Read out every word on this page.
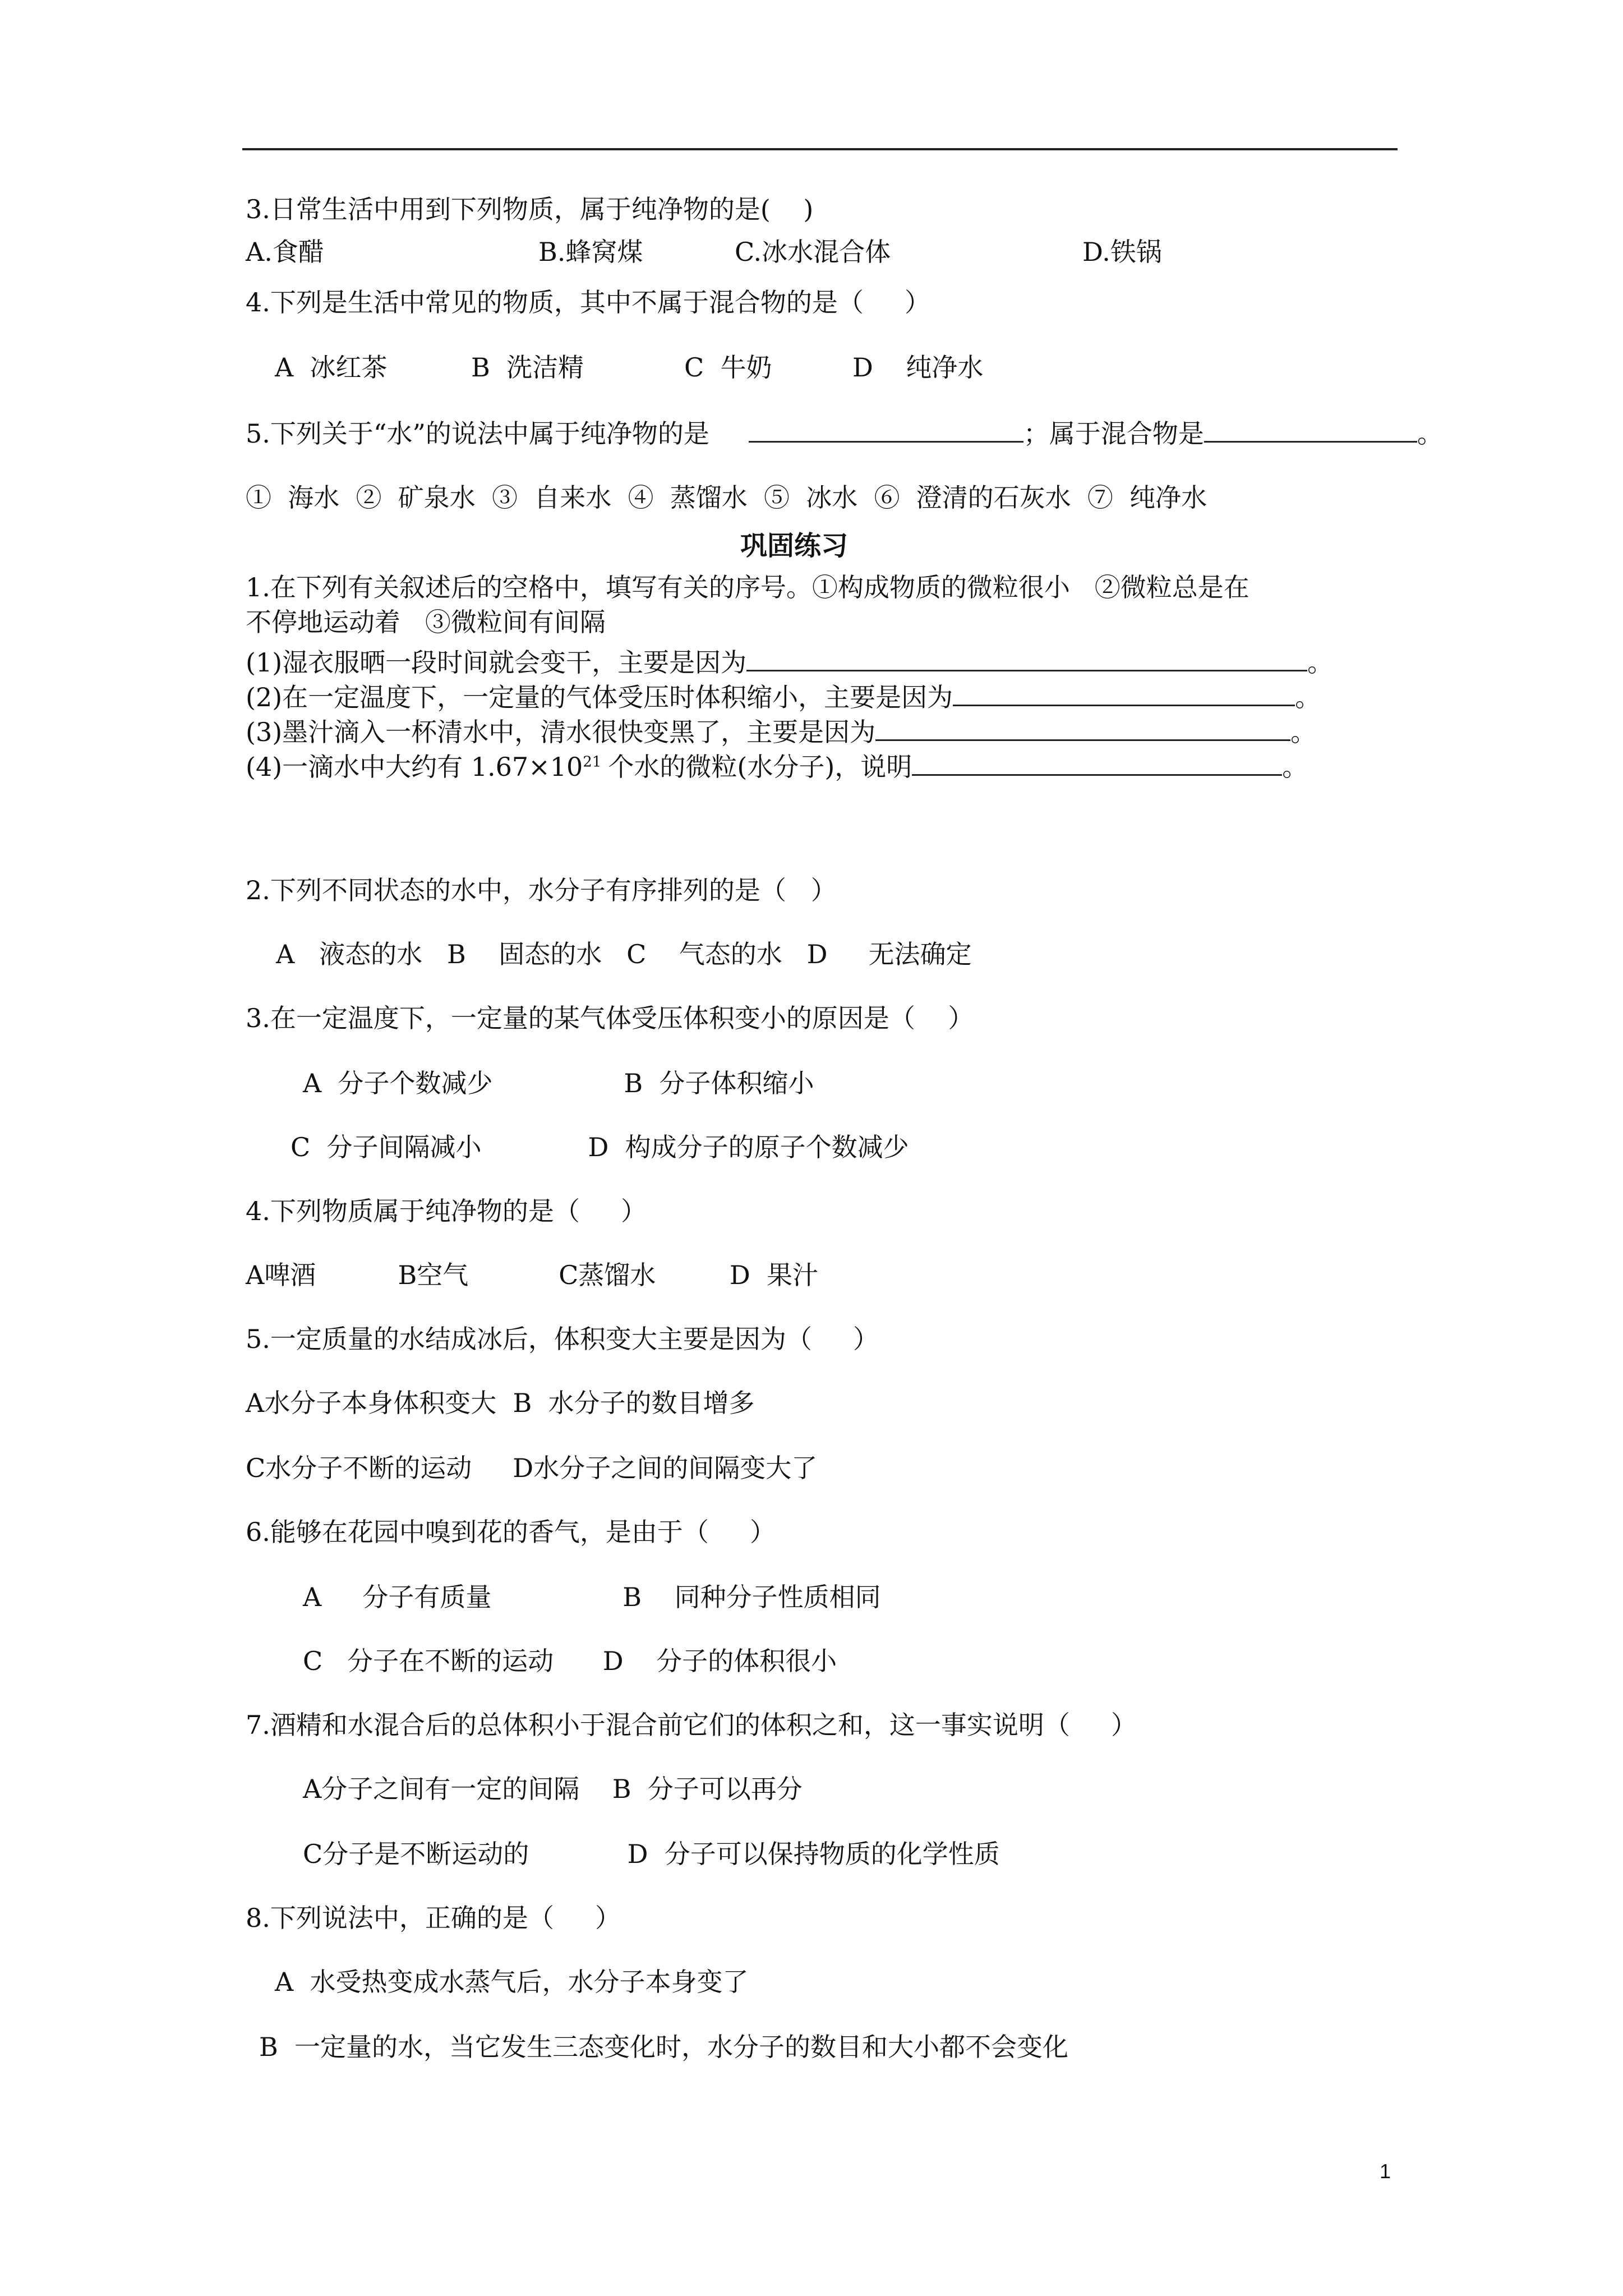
3.日常生活中用到下列物质，属于纯净物的是(    )
A.食醋	B.蜂窝煤	C.冰水混合体	D.铁锅
4.下列是生活中常见的物质，其中不属于混合物的是（     ）
A  冰红茶	B  洗洁精	C  牛奶	D    纯净水
5.下列关于“水”的说法中属于纯净物的是	；属于混合物是	。
①  海水  ②  矿泉水  ③  自来水  ④  蒸馏水  ⑤  冰水  ⑥  澄清的石灰水  ⑦  纯净水
巩固练习
1.在下列有关叙述后的空格中，填写有关的序号。①构成物质的微粒很小   ②微粒总是在
不停地运动着   ③微粒间有间隔
(1)湿衣服晒一段时间就会变干，主要是因为	。
(2)在一定温度下，一定量的气体受压时体积缩小，主要是因为	。
(3)墨汁滴入一杯清水中，清水很快变黑了，主要是因为	。
(4)一滴水中大约有 $1.67\times 10^{21}$ 个水的微粒(水分子)，说明	。
2.下列不同状态的水中，水分子有序排列的是（   ）
A   液态的水   B    固态的水   C    气态的水   D     无法确定
3.在一定温度下，一定量的某气体受压体积变小的原因是（    ）
A  分子个数减少                B  分子体积缩小
C  分子间隔减小             D  构成分子的原子个数减少
4.下列物质属于纯净物的是（     ）
A啤酒          B空气           C蒸馏水         D  果汁
5.一定质量的水结成冰后，体积变大主要是因为（     ）
A水分子本身体积变大  B  水分子的数目增多
C水分子不断的运动     D水分子之间的间隔变大了
6.能够在花园中嗅到花的香气，是由于（     ）
A     分子有质量                B    同种分子性质相同
C   分子在不断的运动      D    分子的体积很小
7.酒精和水混合后的总体积小于混合前它们的体积之和，这一事实说明（     ）
A分子之间有一定的间隔    B  分子可以再分
C分子是不断运动的            D  分子可以保持物质的化学性质
8.下列说法中，正确的是（     ）
A  水受热变成水蒸气后，水分子本身变了
B  一定量的水，当它发生三态变化时，水分子的数目和大小都不会变化
1
